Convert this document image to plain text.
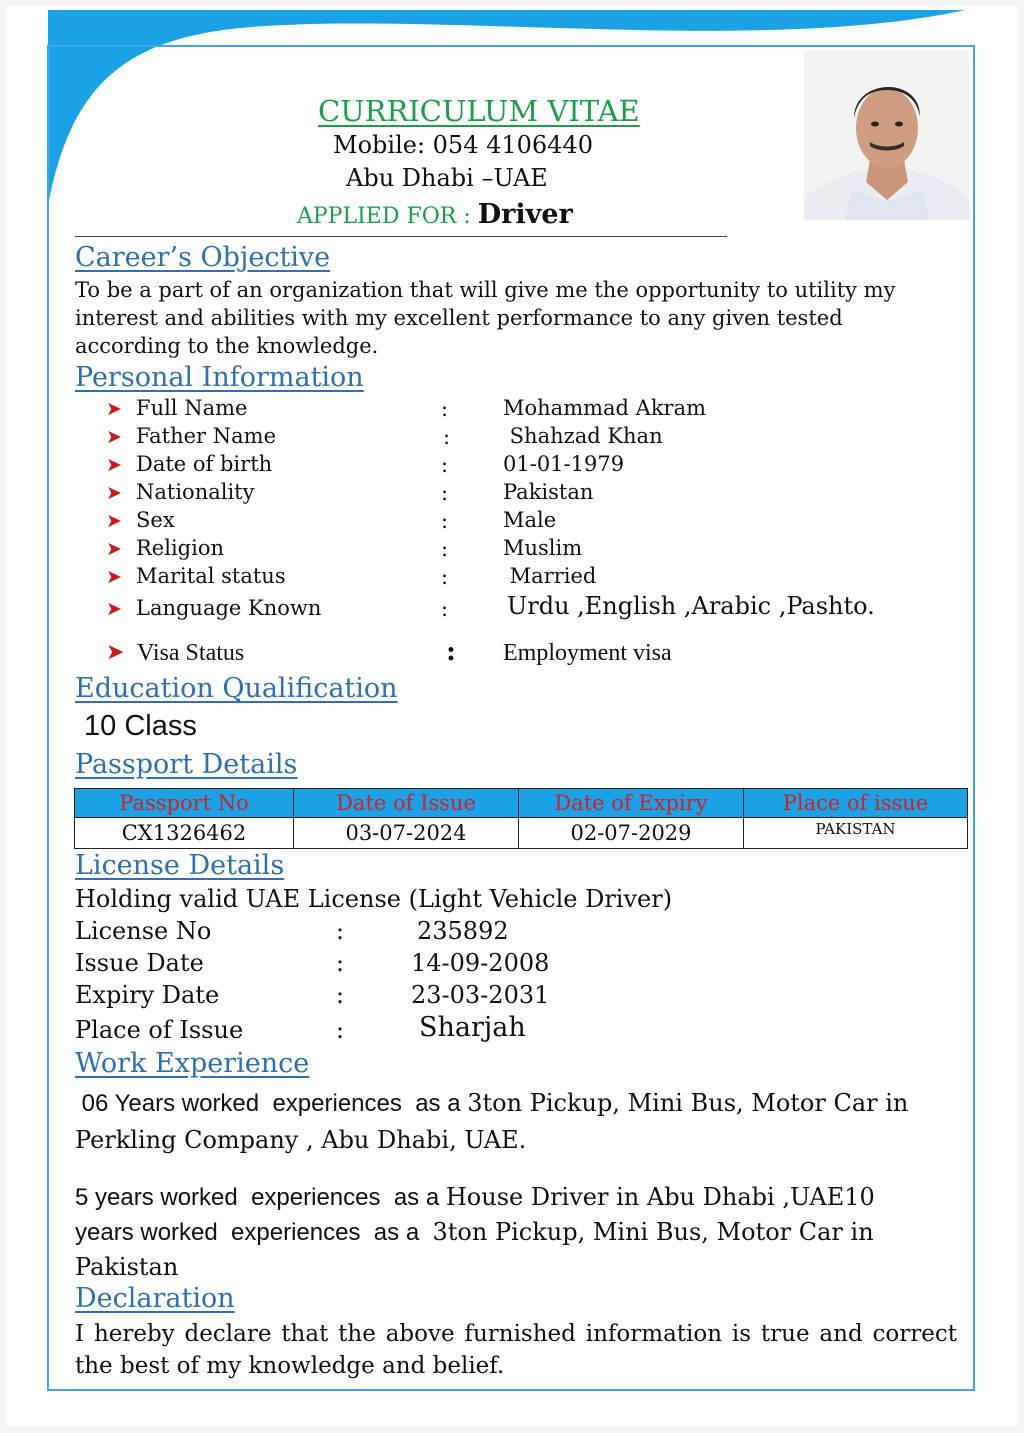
CURRICULUM VITAE
Mobile: 054 4106440
Abu Dhabi –UAE
APPLIED FOR : Driver
Career’s Objective
To be a part of an organization that will give me the opportunity to utility my interest and abilities with my excellent performance to any given tested according to the knowledge.
Personal Information
➤ Full Name	:	Mohammad Akram
➤ Father Name	:	Shahzad Khan
➤ Date of birth	:	01-01-1979
➤ Nationality	:	Pakistan
➤ Sex	:	Male
➤ Religion	:	Muslim
➤ Marital status	:	Married
➤ Language Known	: Urdu ,English ,Arabic ,Pashto.
➤ Visa Status	: Employment visa
Education Qualification
10 Class
Passport Details
Passport No	Date of Issue	Date of Expiry	Place of issue
CX1326462	03-07-2024	02-07-2029	PAKISTAN
License Details
Holding valid UAE License (Light Vehicle Driver)
License No	:	235892
Issue Date	:	14-09-2008
Expiry Date	:	23-03-2031
Place of Issue	:	Sharjah
Work Experience
06 Years worked  experiences  as a 3ton Pickup, Mini Bus, Motor Car in Perkling Company , Abu Dhabi, UAE.
5 years worked  experiences  as a House Driver in Abu Dhabi ,UAE10
years worked  experiences  as a  3ton Pickup, Mini Bus, Motor Car in Pakistan
Declaration
I hereby declare that the above furnished information is true and correct the best of my knowledge and belief.
